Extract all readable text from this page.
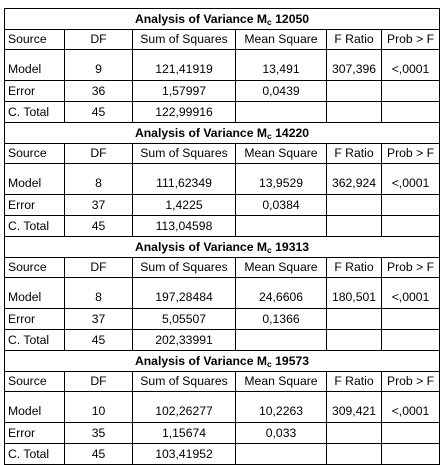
Analysis of Variance $M_c$ 12050					
Source	DF	Sum of Squares	Mean Square	F Ratio	Prob > F
Model	9	121,41919	13,491	307,396	<,0001
Error	36	1,57997	0,0439		
C. Total	45	122,99916			
Analysis of Variance $M_c$ 14220					
Source	DF	Sum of Squares	Mean Square	F Ratio	Prob > F
Model	8	111,62349	13,9529	362,924	<,0001
Error	37	1,4225	0,0384		
C. Total	45	113,04598			
Analysis of Variance $M_c$ 19313					
Source	DF	Sum of Squares	Mean Square	F Ratio	Prob > F
Model	8	197,28484	24,6606	180,501	<,0001
Error	37	5,05507	0,1366		
C. Total	45	202,33991			
Analysis of Variance $M_c$ 19573					
Source	DF	Sum of Squares	Mean Square	F Ratio	Prob > F
Model	10	102,26277	10,2263	309,421	<,0001
Error	35	1,15674	0,033		
C. Total	45	103,41952			
